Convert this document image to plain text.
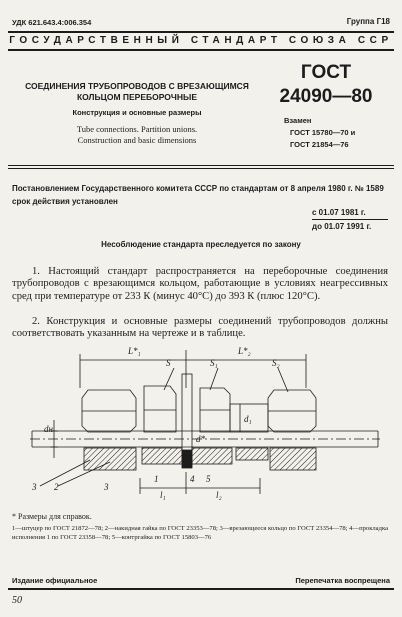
УДК 621.643.4:006.354	Группа Г18
ГОСУДАРСТВЕННЫЙ СТАНДАРТ СОЮЗА ССР
СОЕДИНЕНИЯ ТРУБОПРОВОДОВ С ВРЕЗАЮЩИМСЯ
КОЛЬЦОМ ПЕРЕБОРОЧНЫЕ
Конструкция и основные размеры
Tube connections. Partition unions.
Construction and basic dimensions
ГОСТ
24090—80
Взамен
ГОСТ 15780—70 и
ГОСТ 21854—76
Постановлением Государственного комитета СССР по стандартам от 8 апреля 1980 г. № 1589 срок действия установлен
с 01.07 1981 г.
до 01.07 1991 г.
Несоблюдение стандарта преследуется по закону
1. Настоящий стандарт распространяется на переборочные соединения трубопроводов с врезающимся кольцом, работающие в условиях неагрессивных сред при температуре от 233 К (минус 40°С) до 393 К (плюс 120°С).
2. Конструкция и основные размеры соединений трубопроводов должны соответствовать указанным на чертеже и в таблице.
L*₁	L*₂
S	S₁	S₂
dн
d₁
d*
l₁	l₂
3 2
1	4 5
3
* Размеры для справок.
1—штуцер по ГОСТ 21872—78; 2—накидная гайка по ГОСТ 23353—78; 3—врезающееся кольцо по ГОСТ 23354—78; 4—прокладка исполнения 1 по ГОСТ 23358—78; 5—контргайка по ГОСТ 15803—76
Издание официальное	Перепечатка воспрещена
50
